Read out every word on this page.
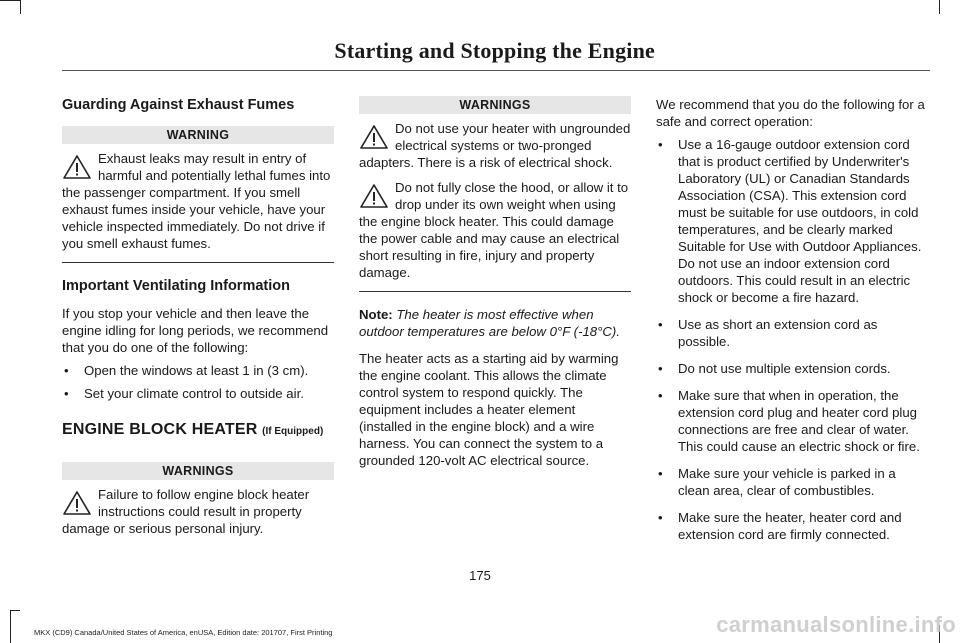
Starting and Stopping the Engine
Guarding Against Exhaust Fumes
WARNING

Exhaust leaks may result in entry of harmful and potentially lethal fumes into the passenger compartment. If you smell exhaust fumes inside your vehicle, have your vehicle inspected immediately. Do not drive if you smell exhaust fumes.

Important Ventilating Information

If you stop your vehicle and then leave the engine idling for long periods, we recommend that you do one of the following:

• Open the windows at least 1 in (3 cm).
• Set your climate control to outside air.
ENGINE BLOCK HEATER (If Equipped)
WARNINGS

Failure to follow engine block heater instructions could result in property damage or serious personal injury.

WARNINGS

Do not use your heater with ungrounded electrical systems or two-pronged adapters. There is a risk of electrical shock.

Do not fully close the hood, or allow it to drop under its own weight when using the engine block heater. This could damage the power cable and may cause an electrical short resulting in fire, injury and property damage.

Note: The heater is most effective when outdoor temperatures are below 0°F (-18°C).

The heater acts as a starting aid by warming the engine coolant. This allows the climate control system to respond quickly. The equipment includes a heater element (installed in the engine block) and a wire harness. You can connect the system to a grounded 120-volt AC electrical source.

We recommend that you do the following for a safe and correct operation:

• Use a 16-gauge outdoor extension cord that is product certified by Underwriter's Laboratory (UL) or Canadian Standards Association (CSA). This extension cord must be suitable for use outdoors, in cold temperatures, and be clearly marked Suitable for Use with Outdoor Appliances. Do not use an indoor extension cord outdoors. This could result in an electric shock or become a fire hazard.
• Use as short an extension cord as possible.
• Do not use multiple extension cords.
• Make sure that when in operation, the extension cord plug and heater cord plug connections are free and clear of water. This could cause an electric shock or fire.
• Make sure your vehicle is parked in a clean area, clear of combustibles.
• Make sure the heater, heater cord and extension cord are firmly connected.
175
MKX (CD9) Canada/United States of America, enUSA, Edition date: 201707, First Printing	carmanualsonline.info
